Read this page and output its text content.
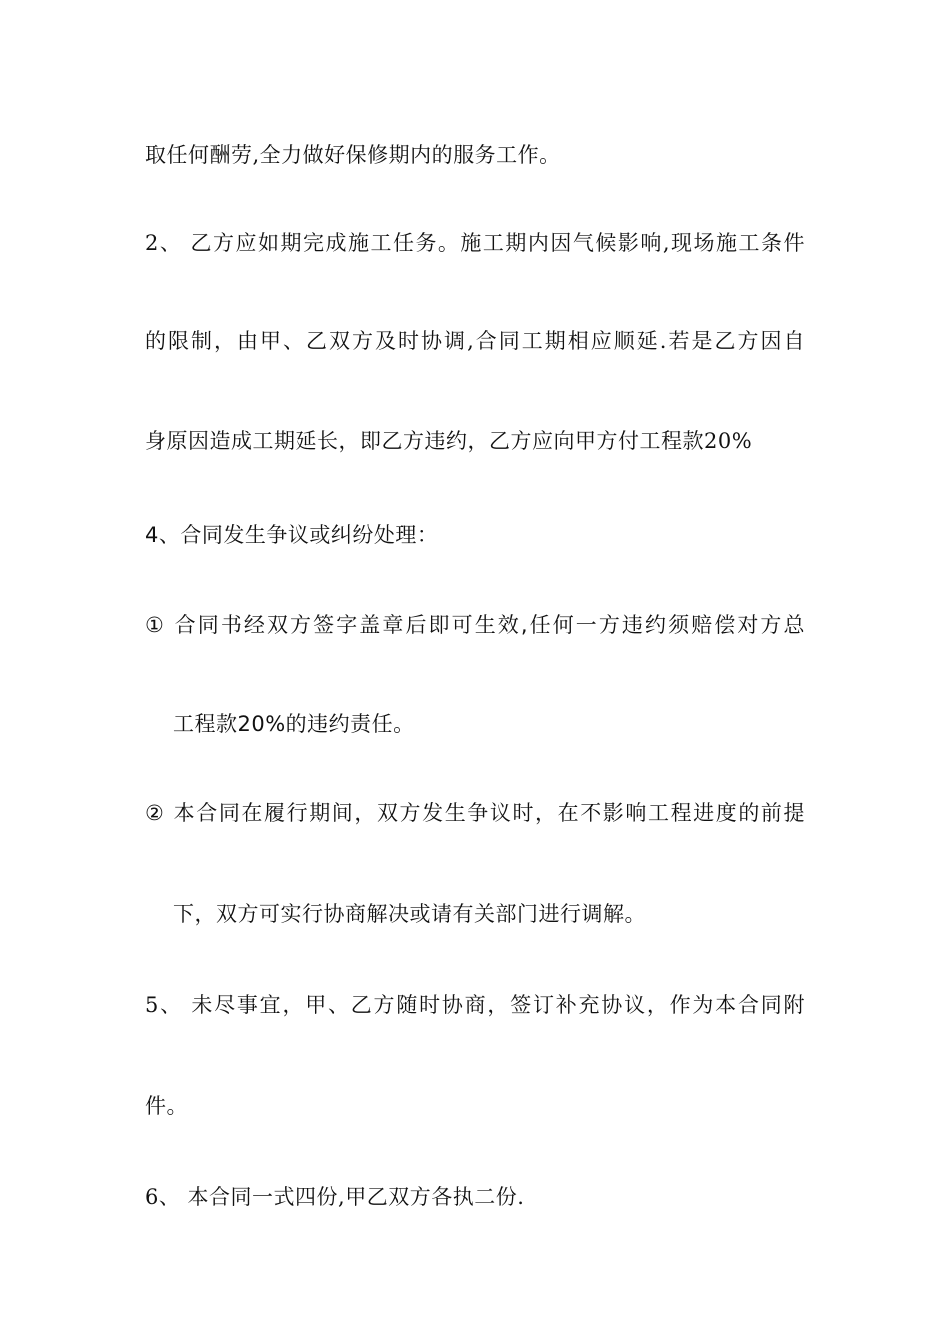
取任何酬劳,全力做好保修期内的服务工作。
2、 乙方应如期完成施工任务。施工期内因气候影响,现场施工条件
的限制，由甲、乙双方及时协调,合同工期相应顺延.若是乙方因自
身原因造成工期延长，即乙方违约，乙方应向甲方付工程款20%
4、合同发生争议或纠纷处理：
① 合同书经双方签字盖章后即可生效,任何一方违约须赔偿对方总
工程款20%的违约责任。
② 本合同在履行期间，双方发生争议时，在不影响工程进度的前提
下，双方可实行协商解决或请有关部门进行调解。
5、 未尽事宜，甲、乙方随时协商，签订补充协议，作为本合同附
件。
6、 本合同一式四份,甲乙双方各执二份.
